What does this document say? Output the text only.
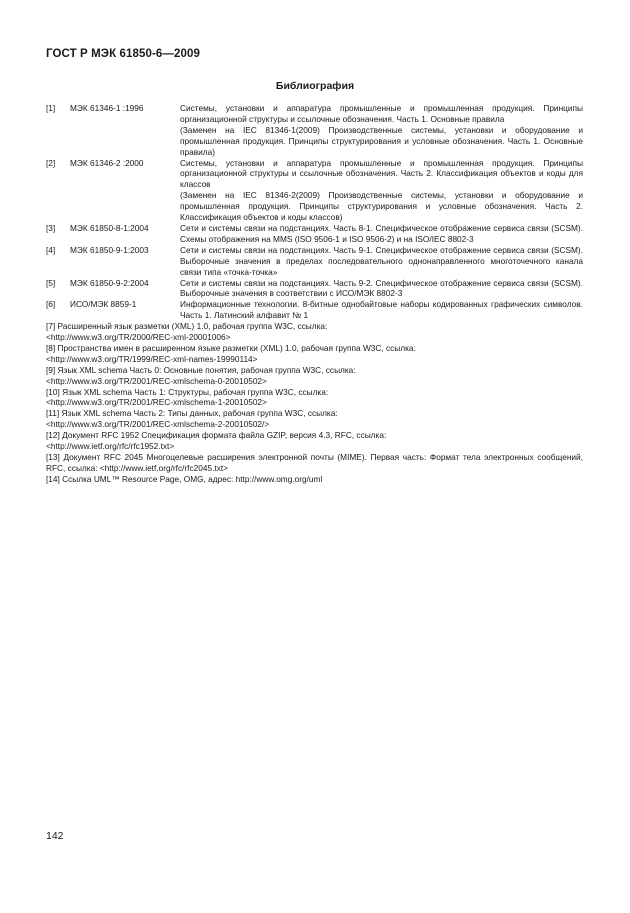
ГОСТ Р МЭК 61850-6—2009
Библиография
[1]	МЭК 61346-1 :1996	Системы, установки и аппаратура промышленные и промышленная продукция. Принципы организационной структуры и ссылочные обозначения. Часть 1. Основные правила

(Заменен на IEC 81346-1(2009) Производственные системы, установки и оборудование и промышленная продукция. Принципы структурирования и условные обозначения. Часть 1. Основные правила)

[2]	МЭК 61346-2 :2000	Системы, установки и аппаратура промышленные и промышленная продукция. Принципы организационной структуры и ссылочные обозначения. Часть 2. Классификация объектов и коды для классов

(Заменен на IEC 81346-2(2009) Производственные системы, установки и оборудование и промышленная продукция. Принципы структурирования и условные обозначения. Часть 2. Классификация объектов и коды классов)

[3]	МЭК 61850-8-1:2004	Сети и системы связи на подстанциях. Часть 8-1. Специфическое отображение сервиса связи (SCSM). Схемы отображения на MMS (ISO 9506-1 и ISO 9506-2) и на ISO/IEC 8802-3

[4]	МЭК 61850-9-1:2003	Сети и системы связи на подстанциях. Часть 9-1. Специфическое отображение сервиса связи (SCSM). Выборочные значения в пределах последовательного однонаправленного многоточечного канала связи типа «точка-точка»

[5]	МЭК 61850-9-2:2004	Сети и системы связи на подстанциях. Часть 9-2. Специфическое отображение сервиса связи (SCSM). Выборочные значения в соответствии с ИСО/МЭК 8802-3

[6]	ИСО/МЭК 8859-1	Информационные технологии. 8-битные однобайтовые наборы кодированных графических символов. Часть 1. Латинский алфавит № 1

[7] Расширенный язык разметки (XML) 1.0, рабочая группа W3C, ссылка:

<http://www.w3.org/TR/2000/REC-xml-20001006>

[8] Пространства имен в расширенном языке разметки (XML) 1.0, рабочая группа W3C, ссылка:

<http://www.w3.org/TR/1999/REC-xml-names-19990114>

[9] Язык XML schema Часть 0: Основные понятия, рабочая группа W3C, ссылка:

<http://www.w3.org/TR/2001/REC-xmlschema-0-20010502>

[10] Язык XML schema Часть 1: Структуры, рабочая группа W3C, ссылка:

<http://www.w3.org/TR/2001/REC-xmlschema-1-20010502>

[11] Язык XML schema Часть 2: Типы данных, рабочая группа W3C, ссылка:

<http://www.w3.org/TR/2001/REC-xmlschema-2-20010502/>

[12] Документ RFC 1952 Спецификация формата файла GZIP, версия 4.3, RFC, ссылка:

<http://www.ietf.org/rfc/rfc1952.txt>

[13] Документ RFC 2045 Многоцелевые расширения электронной почты (MIME). Первая часть: Формат тела электронных сообщений, RFC, ссылка: <http://www.ietf.org/rfc/rfc2045.txt>

[14] Ссылка UML™ Resource Page, OMG, адрес: http://www.omg.org/uml

142
